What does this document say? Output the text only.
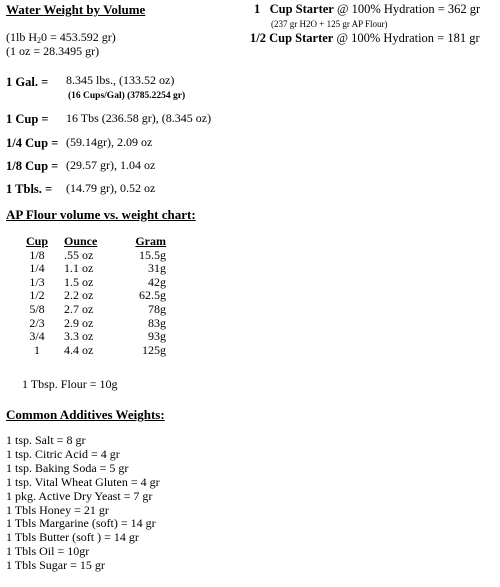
Water Weight by Volume
(1lb $H_20 = 453.592$ gr)
(1 oz = 28.3495 gr)
1 Gal. = 8.345 lbs., (133.52 oz)
(16 Cups/Gal) (3785.2254 gr)
1 Cup = 16 Tbs (236.58 gr), (8.345 oz)
1/4 Cup = (59.14gr), 2.09 oz
1/8 Cup = (29.57 gr), 1.04 oz
1 Tbls. = (14.79 gr), 0.52 oz
1   Cup Starter @ 100% Hydration = 362 gr
(237 gr H2O + 125 gr AP Flour)
1/2 Cup Starter @ 100% Hydration = 181 gr
AP Flour volume vs. weight chart:
Cup	Ounce	Gram
1/8	.55 oz	15.5g
1/4	1.1 oz	31g
1/3	1.5 oz	42g
1/2	2.2 oz	62.5g
5/8	2.7 oz	78g
2/3	2.9 oz	83g
3/4	3.3 oz	93g
1	4.4 oz	125g
1 Tbsp. Flour = 10g
Common Additives Weights:
1 tsp. Salt = 8 gr
1 tsp. Citric Acid = 4 gr
1 tsp. Baking Soda = 5 gr
1 tsp. Vital Wheat Gluten = 4 gr
1 pkg. Active Dry Yeast = 7 gr
1 Tbls Honey = 21 gr
1 Tbls Margarine (soft) = 14 gr
1 Tbls Butter (soft ) = 14 gr
1 Tbls Oil = 10gr
1 Tbls Sugar = 15 gr
